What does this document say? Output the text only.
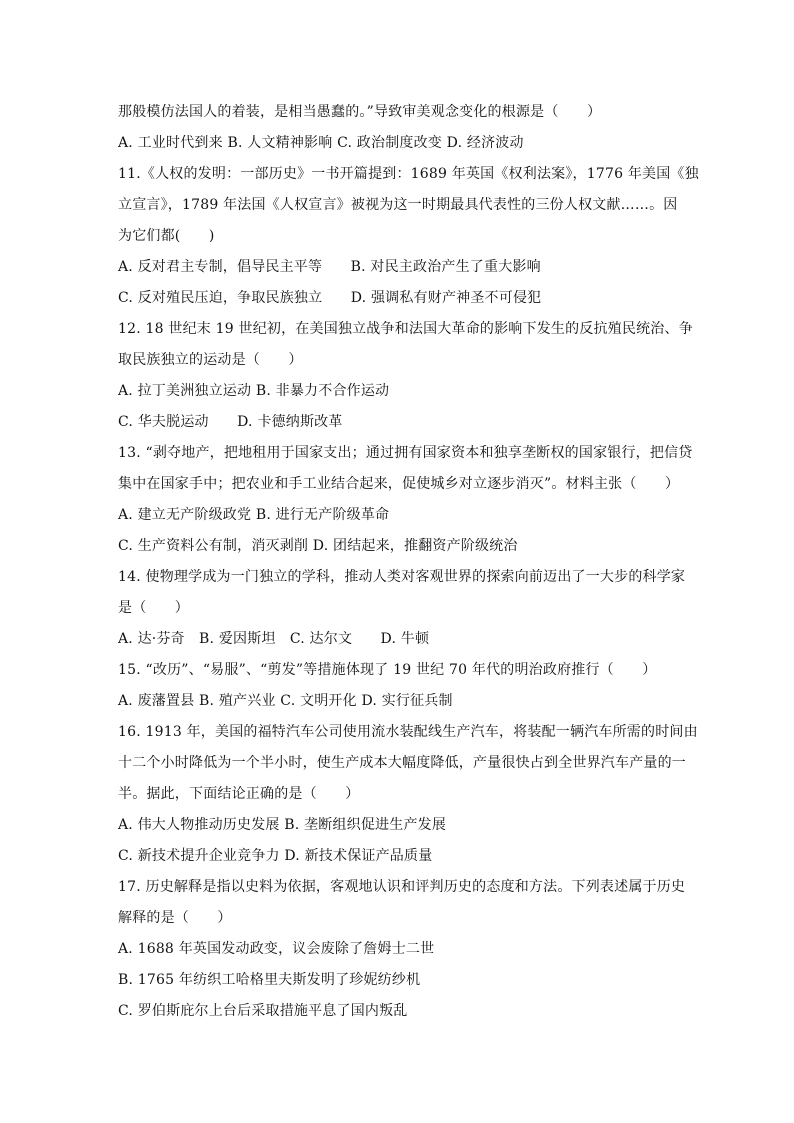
那般模仿法国人的着装，是相当愚蠢的。”导致审美观念变化的根源是（　　）
A. 工业时代到来 B. 人文精神影响 C. 政治制度改变 D. 经济波动
11.《人权的发明：一部历史》一书开篇提到：1689 年英国《权利法案》，1776 年美国《独
立宣言》，1789 年法国《人权宣言》被视为这一时期最具代表性的三份人权文献……。因
为它们都(　　)
A. 反对君主专制，倡导民主平等　　B. 对民主政治产生了重大影响
C. 反对殖民压迫，争取民族独立　　D. 强调私有财产神圣不可侵犯
12. 18 世纪末 19 世纪初，在美国独立战争和法国大革命的影响下发生的反抗殖民统治、争
取民族独立的运动是（　　）
A. 拉丁美洲独立运动 B. 非暴力不合作运动
C. 华夫脱运动　　D. 卡德纳斯改革
13. “剥夺地产，把地租用于国家支出；通过拥有国家资本和独享垄断权的国家银行，把信贷
集中在国家手中；把农业和手工业结合起来，促使城乡对立逐步消灭”。材料主张（　　）
A. 建立无产阶级政党 B. 进行无产阶级革命
C. 生产资料公有制，消灭剥削 D. 团结起来，推翻资产阶级统治
14. 使物理学成为一门独立的学科，推动人类对客观世界的探索向前迈出了一大步的科学家
是（　　）
A. 达·芬奇　B. 爱因斯坦　C. 达尔文　　D. 牛顿
15. “改历”、“易服”、“剪发”等措施体现了 19 世纪 70 年代的明治政府推行（　　）
A. 废藩置县 B. 殖产兴业 C. 文明开化 D. 实行征兵制
16. 1913 年，美国的福特汽车公司使用流水装配线生产汽车，将装配一辆汽车所需的时间由
十二个小时降低为一个半小时，使生产成本大幅度降低，产量很快占到全世界汽车产量的一
半。据此，下面结论正确的是（　　）
A. 伟大人物推动历史发展 B. 垄断组织促进生产发展
C. 新技术提升企业竞争力 D. 新技术保证产品质量
17. 历史解释是指以史料为依据，客观地认识和评判历史的态度和方法。下列表述属于历史
解释的是（　　）
A. 1688 年英国发动政变，议会废除了詹姆士二世
B. 1765 年纺织工哈格里夫斯发明了珍妮纺纱机
C. 罗伯斯庇尔上台后采取措施平息了国内叛乱
